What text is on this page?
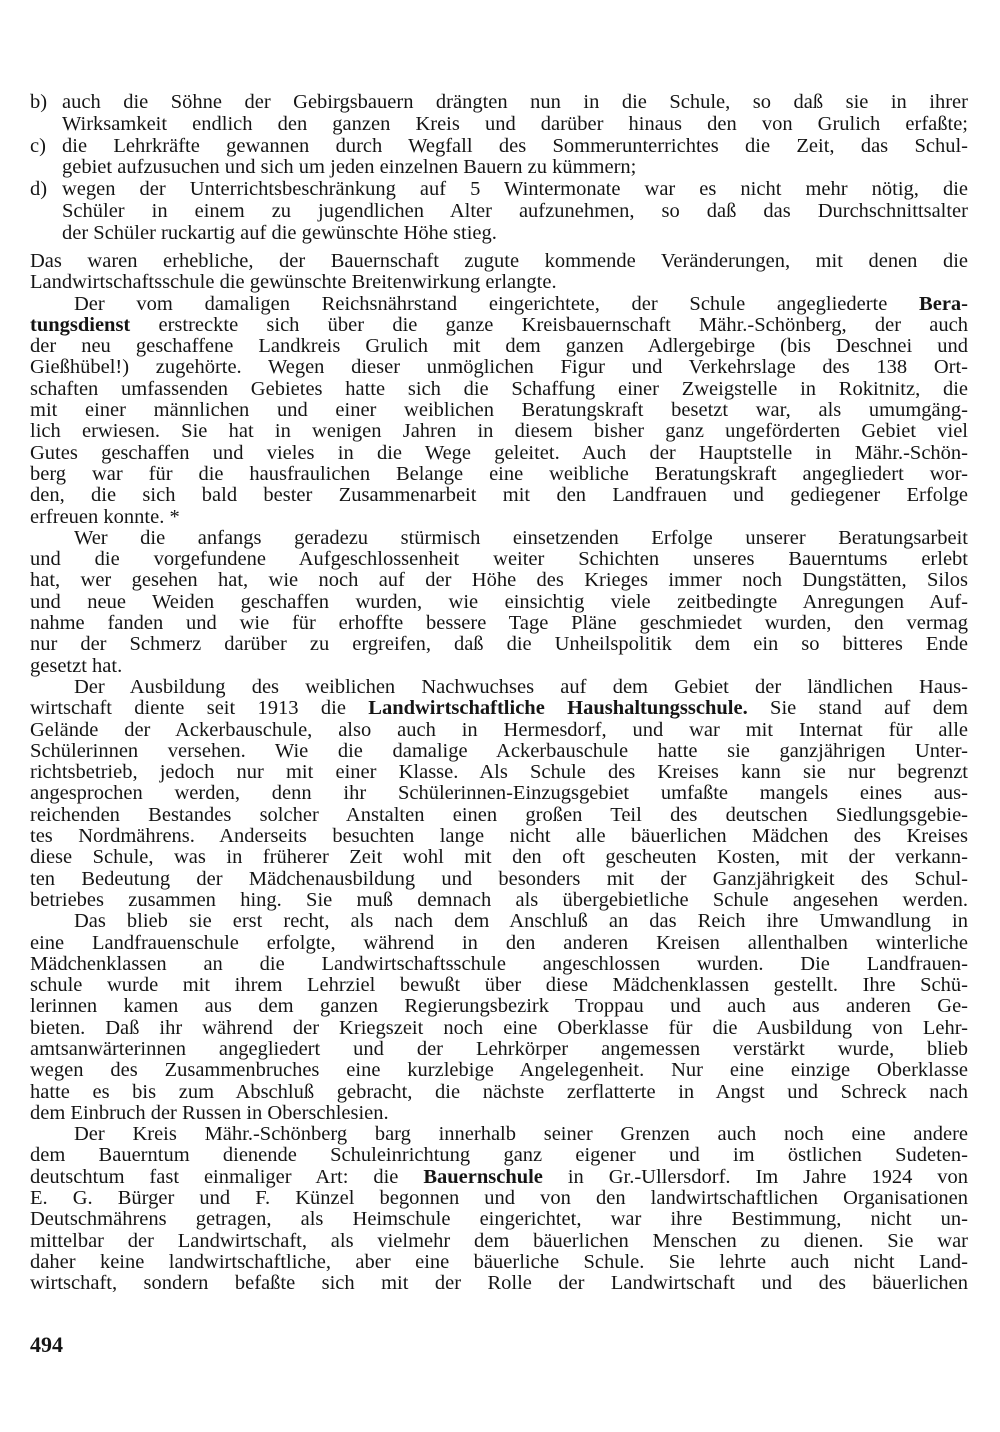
b) auch die Söhne der Gebirgsbauern drängten nun in die Schule, so daß sie in ihrer
Wirksamkeit endlich den ganzen Kreis und darüber hinaus den von Grulich erfaßte;
c) die Lehrkräfte gewannen durch Wegfall des Sommerunterrichtes die Zeit, das Schul-
gebiet aufzusuchen und sich um jeden einzelnen Bauern zu kümmern;
d) wegen der Unterrichtsbeschränkung auf 5 Wintermonate war es nicht mehr nötig, die
Schüler in einem zu jugendlichen Alter aufzunehmen, so daß das Durchschnittsalter
der Schüler ruckartig auf die gewünschte Höhe stieg.
Das waren erhebliche, der Bauernschaft zugute kommende Veränderungen, mit denen die
Landwirtschaftsschule die gewünschte Breitenwirkung erlangte.
Der vom damaligen Reichsnährstand eingerichtete, der Schule angegliederte Bera-
tungsdienst erstreckte sich über die ganze Kreisbauernschaft Mähr.-Schönberg, der auch
der neu geschaffene Landkreis Grulich mit dem ganzen Adlergebirge (bis Deschnei und
Gießhübel!) zugehörte. Wegen dieser unmöglichen Figur und Verkehrslage des 138 Ort-
schaften umfassenden Gebietes hatte sich die Schaffung einer Zweigstelle in Rokitnitz, die
mit einer männlichen und einer weiblichen Beratungskraft besetzt war, als umumgäng-
lich erwiesen. Sie hat in wenigen Jahren in diesem bisher ganz ungeförderten Gebiet viel
Gutes geschaffen und vieles in die Wege geleitet. Auch der Hauptstelle in Mähr.-Schön-
berg war für die hausfraulichen Belange eine weibliche Beratungskraft angegliedert wor-
den, die sich bald bester Zusammenarbeit mit den Landfrauen und gediegener Erfolge
erfreuen konnte. *
Wer die anfangs geradezu stürmisch einsetzenden Erfolge unserer Beratungsarbeit
und die vorgefundene Aufgeschlossenheit weiter Schichten unseres Bauerntums erlebt
hat, wer gesehen hat, wie noch auf der Höhe des Krieges immer noch Dungstätten, Silos
und neue Weiden geschaffen wurden, wie einsichtig viele zeitbedingte Anregungen Auf-
nahme fanden und wie für erhoffte bessere Tage Pläne geschmiedet wurden, den vermag
nur der Schmerz darüber zu ergreifen, daß die Unheilspolitik dem ein so bitteres Ende
gesetzt hat.
Der Ausbildung des weiblichen Nachwuchses auf dem Gebiet der ländlichen Haus-
wirtschaft diente seit 1913 die Landwirtschaftliche Haushaltungsschule. Sie stand auf dem
Gelände der Ackerbauschule, also auch in Hermesdorf, und war mit Internat für alle
Schülerinnen versehen. Wie die damalige Ackerbauschule hatte sie ganzjährigen Unter-
richtsbetrieb, jedoch nur mit einer Klasse. Als Schule des Kreises kann sie nur begrenzt
angesprochen werden, denn ihr Schülerinnen-Einzugsgebiet umfaßte mangels eines aus-
reichenden Bestandes solcher Anstalten einen großen Teil des deutschen Siedlungsgebie-
tes Nordmährens. Anderseits besuchten lange nicht alle bäuerlichen Mädchen des Kreises
diese Schule, was in früherer Zeit wohl mit den oft gescheuten Kosten, mit der verkann-
ten Bedeutung der Mädchenausbildung und besonders mit der Ganzjährigkeit des Schul-
betriebes zusammen hing. Sie muß demnach als übergebietliche Schule angesehen werden.
Das blieb sie erst recht, als nach dem Anschluß an das Reich ihre Umwandlung in
eine Landfrauenschule erfolgte, während in den anderen Kreisen allenthalben winterliche
Mädchenklassen an die Landwirtschaftsschule angeschlossen wurden. Die Landfrauen-
schule wurde mit ihrem Lehrziel bewußt über diese Mädchenklassen gestellt. Ihre Schü-
lerinnen kamen aus dem ganzen Regierungsbezirk Troppau und auch aus anderen Ge-
bieten. Daß ihr während der Kriegszeit noch eine Oberklasse für die Ausbildung von Lehr-
amtsanwärterinnen angegliedert und der Lehrkörper angemessen verstärkt wurde, blieb
wegen des Zusammenbruches eine kurzlebige Angelegenheit. Nur eine einzige Oberklasse
hatte es bis zum Abschluß gebracht, die nächste zerflatterte in Angst und Schreck nach
dem Einbruch der Russen in Oberschlesien.
Der Kreis Mähr.-Schönberg barg innerhalb seiner Grenzen auch noch eine andere
dem Bauerntum dienende Schuleinrichtung ganz eigener und im östlichen Sudeten-
deutschtum fast einmaliger Art: die Bauernschule in Gr.-Ullersdorf. Im Jahre 1924 von
E. G. Bürger und F. Künzel begonnen und von den landwirtschaftlichen Organisationen
Deutschmährens getragen, als Heimschule eingerichtet, war ihre Bestimmung, nicht un-
mittelbar der Landwirtschaft, als vielmehr dem bäuerlichen Menschen zu dienen. Sie war
daher keine landwirtschaftliche, aber eine bäuerliche Schule. Sie lehrte auch nicht Land-
wirtschaft, sondern befaßte sich mit der Rolle der Landwirtschaft und des bäuerlichen
494
